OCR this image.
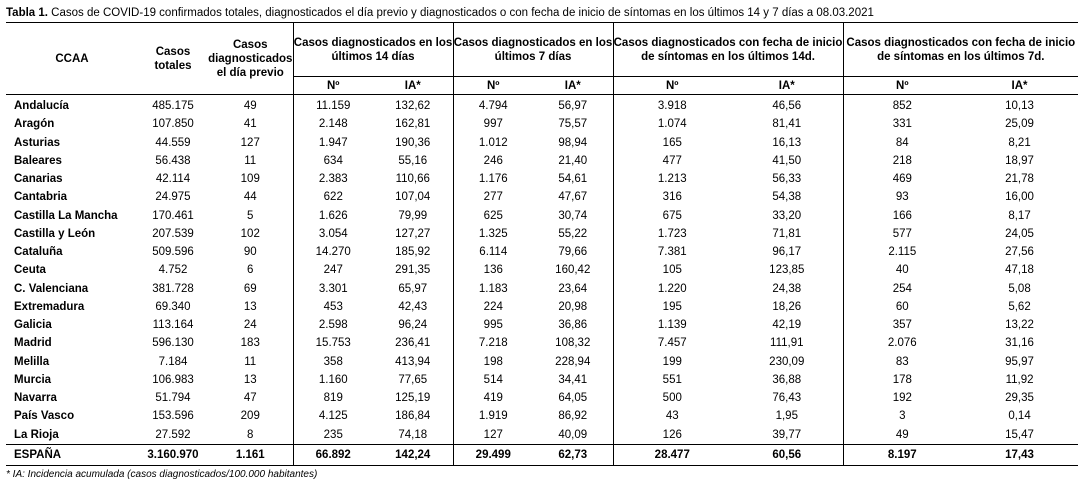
Tabla 1. Casos de COVID-19 confirmados totales, diagnosticados el día previo y diagnosticados o con fecha de inicio de síntomas en los últimos 14 y 7 días a 08.03.2021
CCAA	Casos totales	Casos diagnosticados el día previo	Casos diagnosticados en los últimos 14 días		Casos diagnosticados en los últimos 7 días		Casos diagnosticados con fecha de inicio de síntomas en los últimos 14d.		Casos diagnosticados con fecha de inicio de síntomas en los últimos 7d.	
			Nº	IA*	Nº	IA*	Nº	IA*	Nº	IA*
Andalucía	485.175	49	11.159	132,62	4.794	56,97	3.918	46,56	852	10,13
Aragón	107.850	41	2.148	162,81	997	75,57	1.074	81,41	331	25,09
Asturias	44.559	127	1.947	190,36	1.012	98,94	165	16,13	84	8,21
Baleares	56.438	11	634	55,16	246	21,40	477	41,50	218	18,97
Canarias	42.114	109	2.383	110,66	1.176	54,61	1.213	56,33	469	21,78
Cantabria	24.975	44	622	107,04	277	47,67	316	54,38	93	16,00
Castilla La Mancha	170.461	5	1.626	79,99	625	30,74	675	33,20	166	8,17
Castilla y León	207.539	102	3.054	127,27	1.325	55,22	1.723	71,81	577	24,05
Cataluña	509.596	90	14.270	185,92	6.114	79,66	7.381	96,17	2.115	27,56
Ceuta	4.752	6	247	291,35	136	160,42	105	123,85	40	47,18
C. Valenciana	381.728	69	3.301	65,97	1.183	23,64	1.220	24,38	254	5,08
Extremadura	69.340	13	453	42,43	224	20,98	195	18,26	60	5,62
Galicia	113.164	24	2.598	96,24	995	36,86	1.139	42,19	357	13,22
Madrid	596.130	183	15.753	236,41	7.218	108,32	7.457	111,91	2.076	31,16
Melilla	7.184	11	358	413,94	198	228,94	199	230,09	83	95,97
Murcia	106.983	13	1.160	77,65	514	34,41	551	36,88	178	11,92
Navarra	51.794	47	819	125,19	419	64,05	500	76,43	192	29,35
País Vasco	153.596	209	4.125	186,84	1.919	86,92	43	1,95	3	0,14
La Rioja	27.592	8	235	74,18	127	40,09	126	39,77	49	15,47
ESPAÑA	3.160.970	1.161	66.892	142,24	29.499	62,73	28.477	60,56	8.197	17,43
* IA: Incidencia acumulada (casos diagnosticados/100.000 habitantes)
